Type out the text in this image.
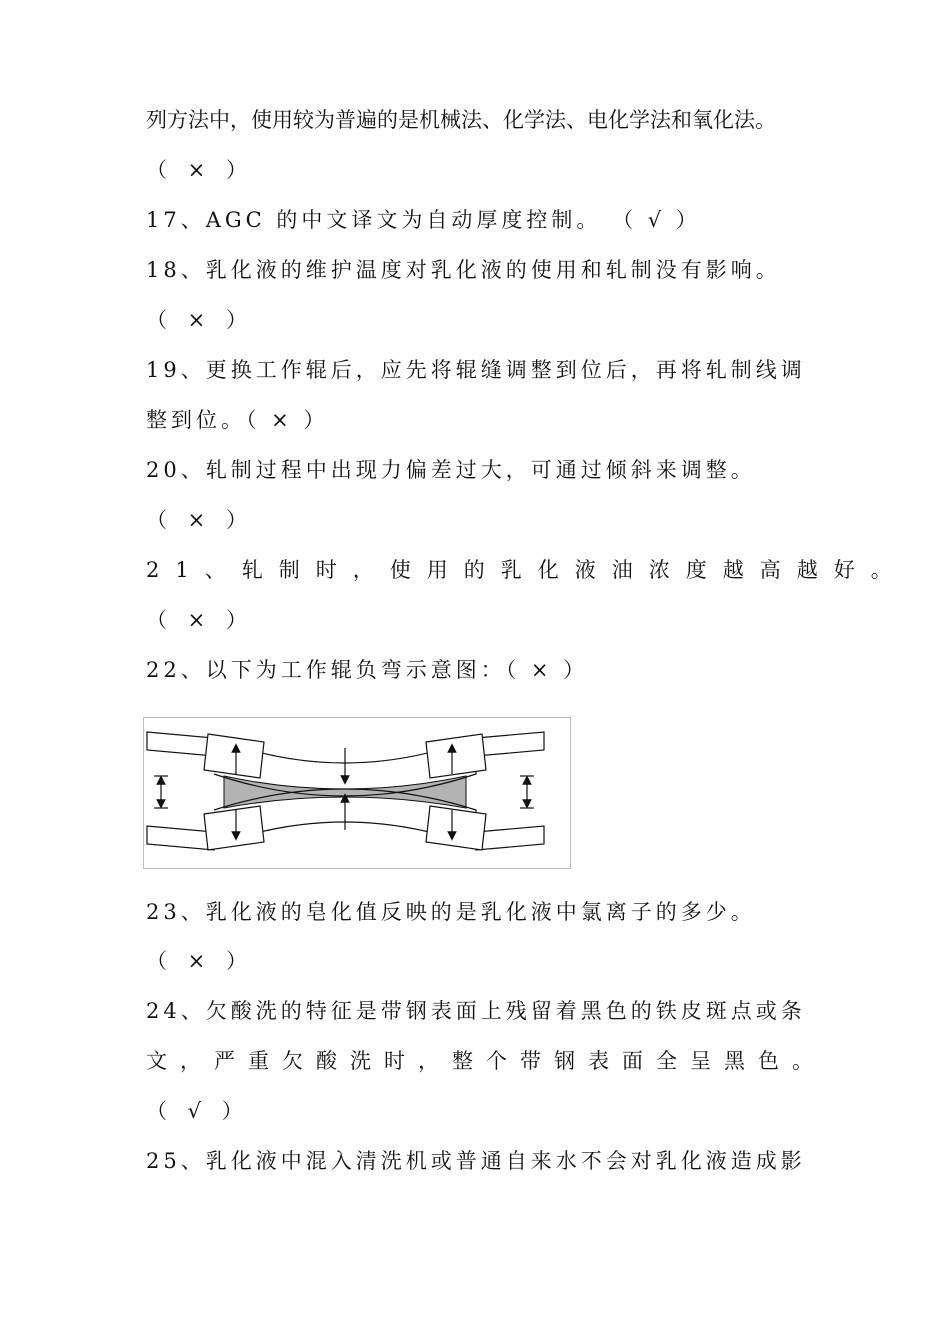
列方法中，使用较为普遍的是机械法、化学法、电化学法和氧化法。
（ × ）
17、AGC 的中文译文为自动厚度控制。 （ √ ）
18、乳化液的维护温度对乳化液的使用和轧制没有影响。
（ × ）
19、更换工作辊后，应先将辊缝调整到位后，再将轧制线调
整到位。（ × ）
20、轧制过程中出现力偏差过大，可通过倾斜来调整。
（ × ）
21、轧制时，使用的乳化液油浓度越高越好。
（ × ）
22、以下为工作辊负弯示意图：（ × ）
23、乳化液的皂化值反映的是乳化液中氯离子的多少。
（ × ）
24、欠酸洗的特征是带钢表面上残留着黑色的铁皮斑点或条
文，严重欠酸洗时，整个带钢表面全呈黑色。
（ √ ）
25、乳化液中混入清洗机或普通自来水不会对乳化液造成影
